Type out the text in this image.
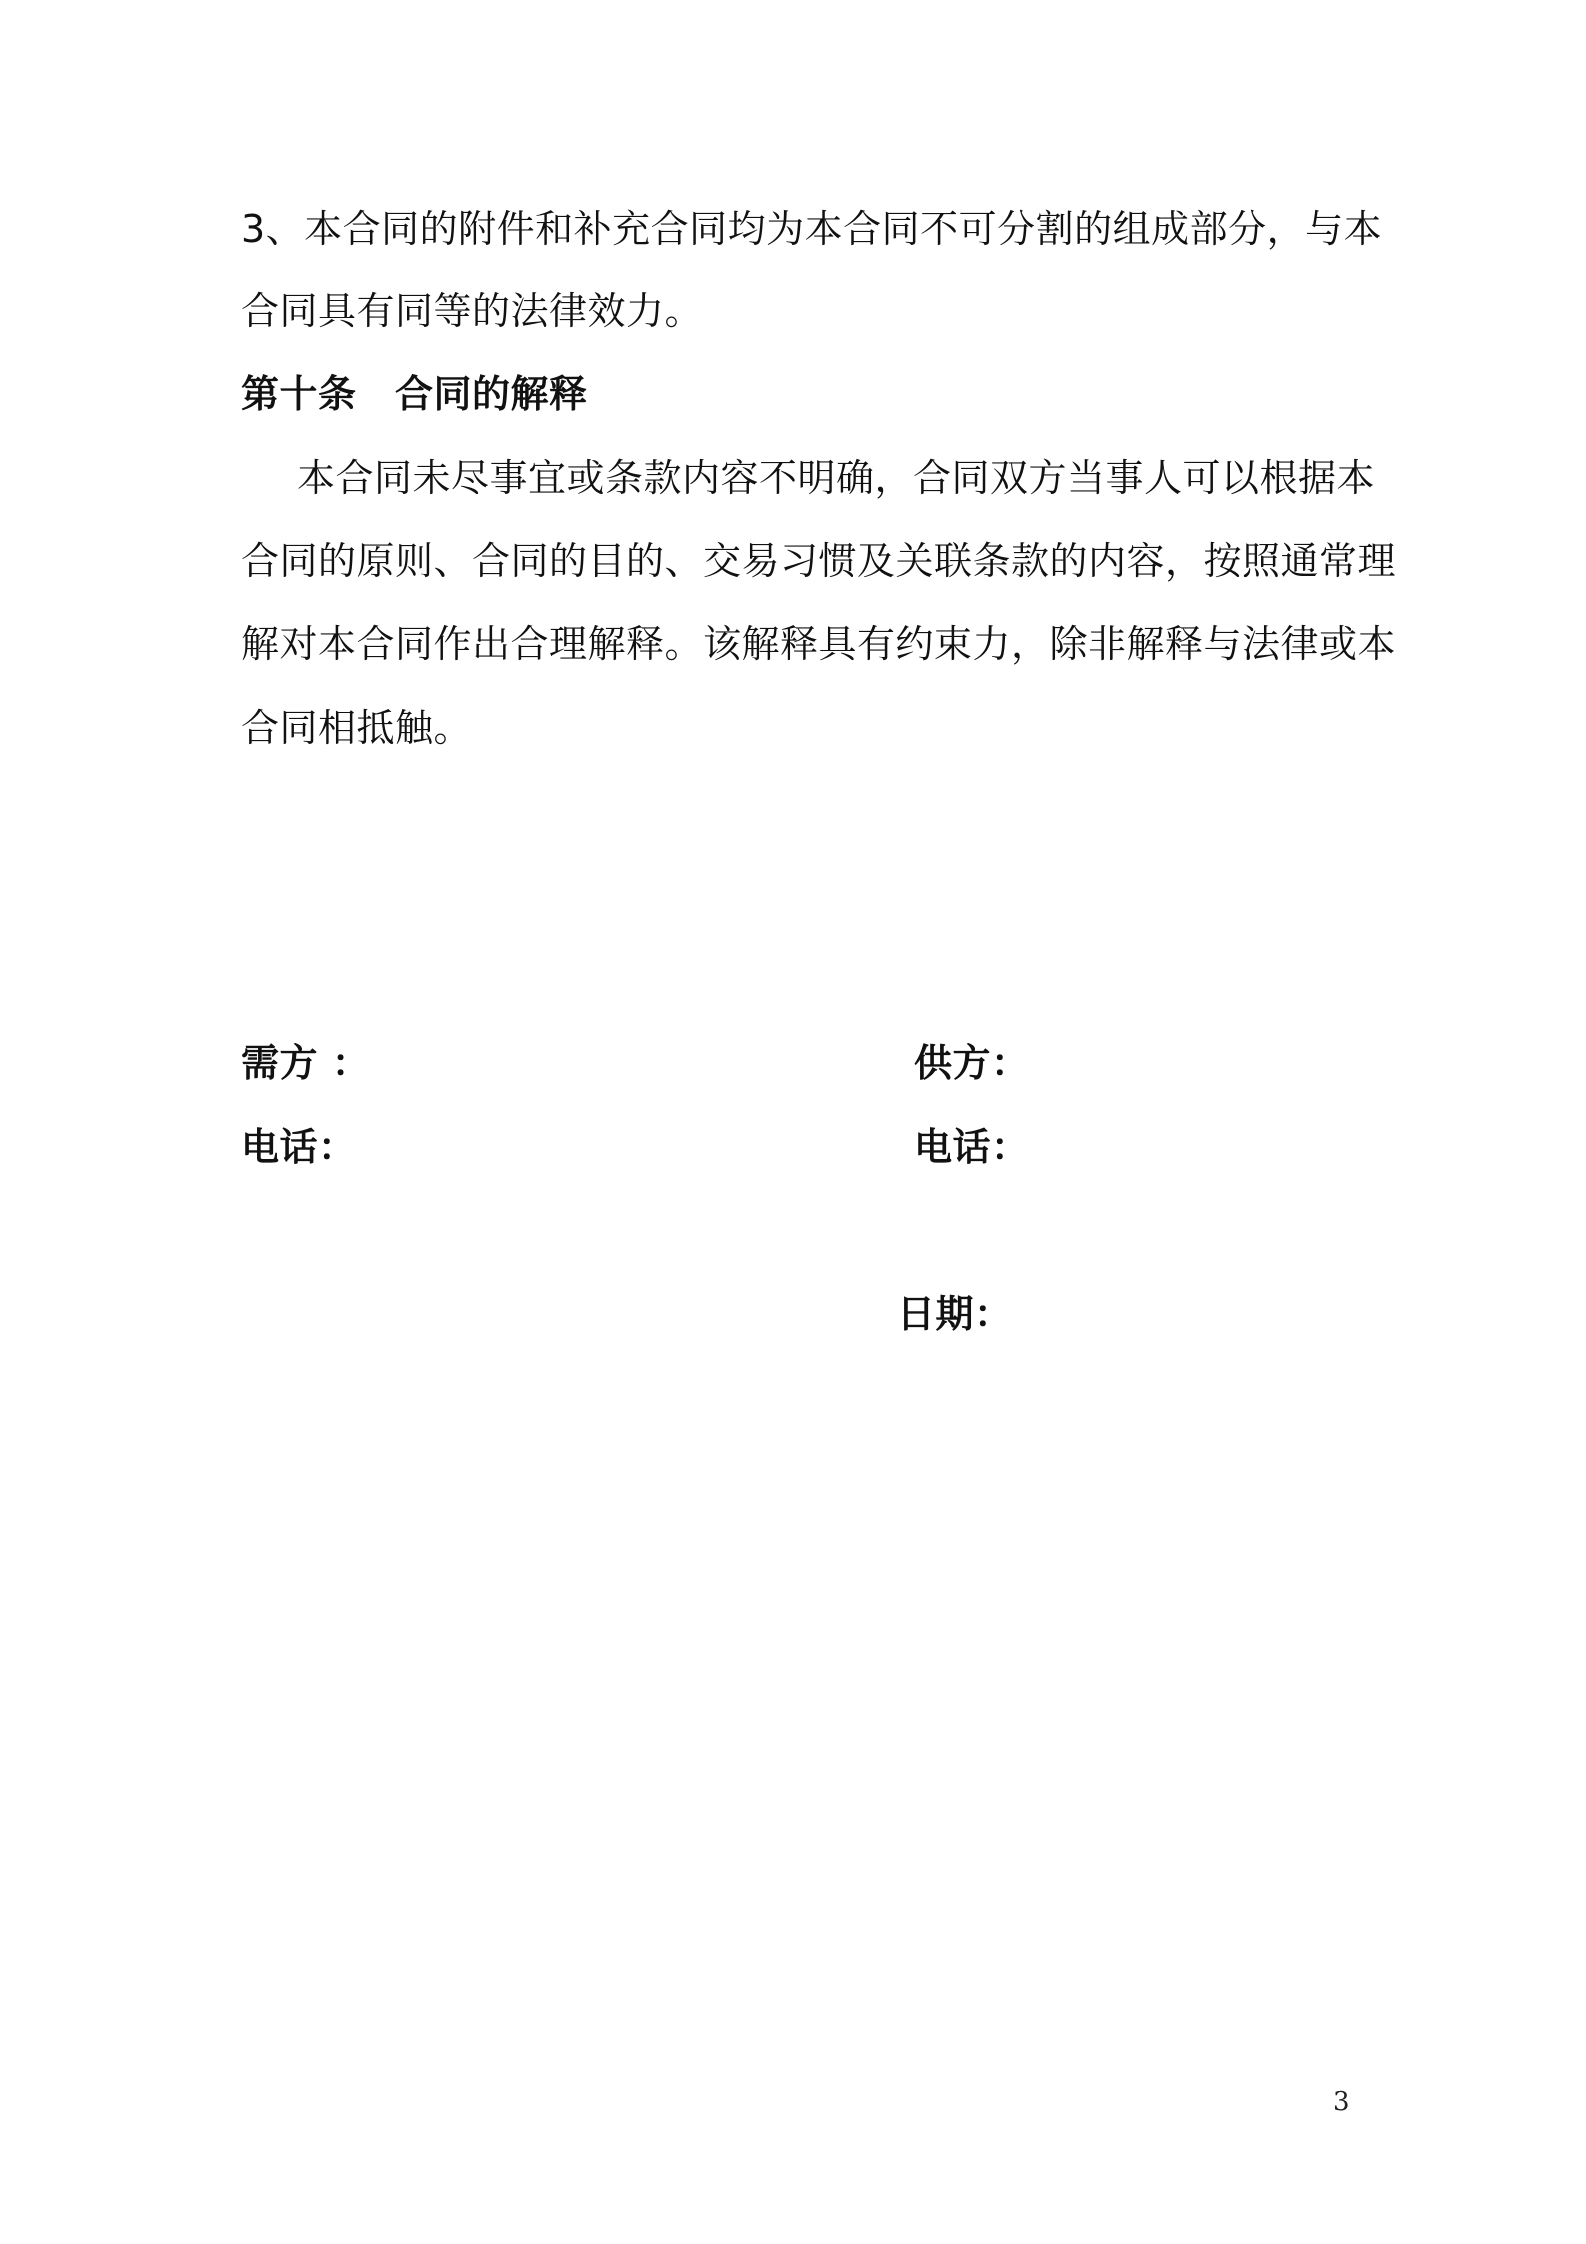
3、本合同的附件和补充合同均为本合同不可分割的组成部分，与本
合同具有同等的法律效力。
第十条　合同的解释
本合同未尽事宜或条款内容不明确，合同双方当事人可以根据本
合同的原则、合同的目的、交易习惯及关联条款的内容，按照通常理
解对本合同作出合理解释。该解释具有约束力，除非解释与法律或本
合同相抵触。
需方 ：	供方：
电话：	电话：
日期：
3
